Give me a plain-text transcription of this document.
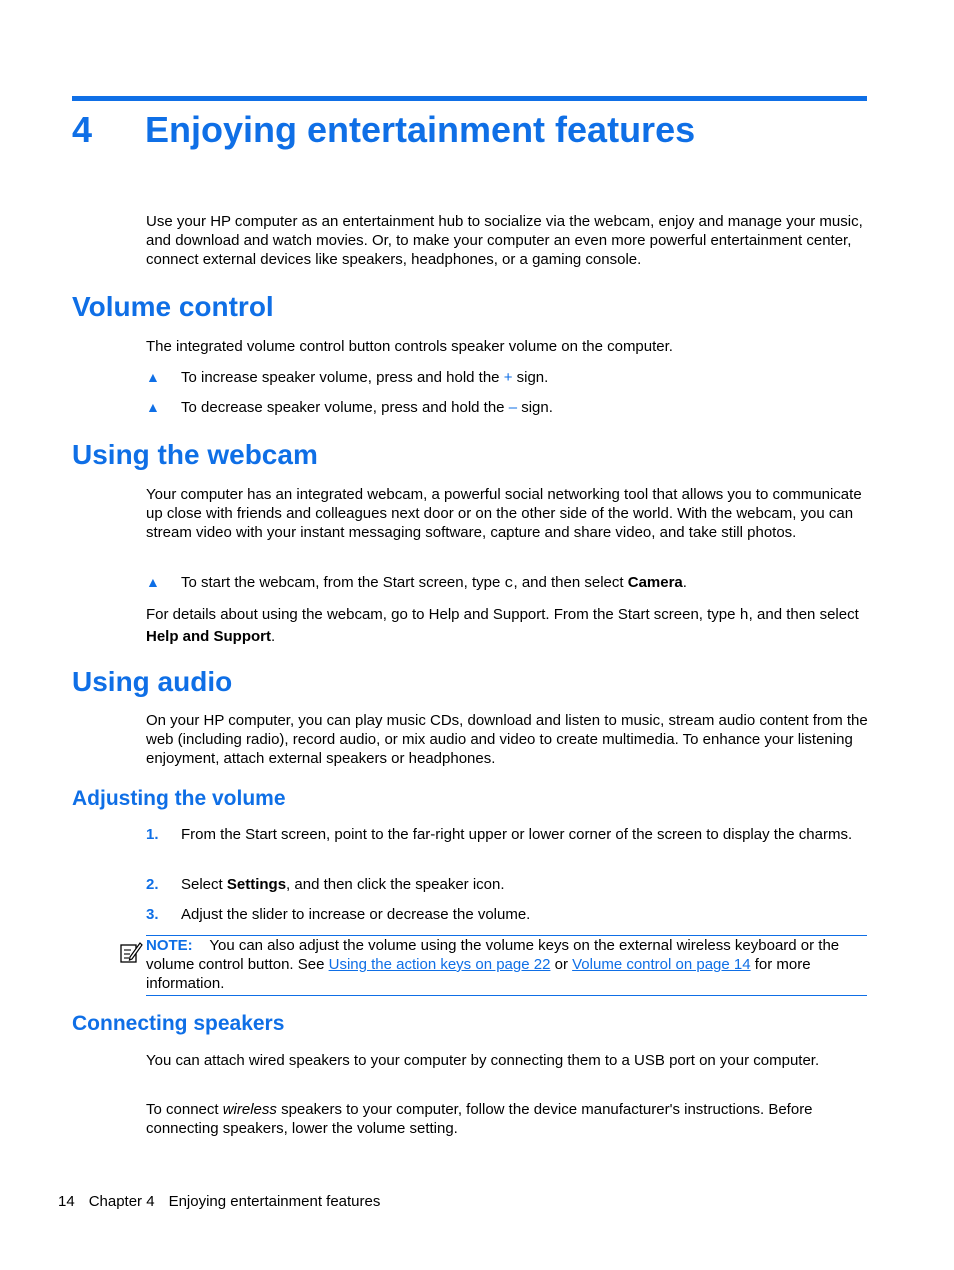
4 Enjoying entertainment features
Use your HP computer as an entertainment hub to socialize via the webcam, enjoy and manage your music, and download and watch movies. Or, to make your computer an even more powerful entertainment center, connect external devices like speakers, headphones, or a gaming console.
Volume control
The integrated volume control button controls speaker volume on the computer.
▲ To increase speaker volume, press and hold the + sign.
▲ To decrease speaker volume, press and hold the – sign.
Using the webcam
Your computer has an integrated webcam, a powerful social networking tool that allows you to communicate up close with friends and colleagues next door or on the other side of the world. With the webcam, you can stream video with your instant messaging software, capture and share video, and take still photos.
▲ To start the webcam, from the Start screen, type c, and then select Camera.
For details about using the webcam, go to Help and Support. From the Start screen, type h, and then select Help and Support.
Using audio
On your HP computer, you can play music CDs, download and listen to music, stream audio content from the web (including radio), record audio, or mix audio and video to create multimedia. To enhance your listening enjoyment, attach external speakers or headphones.
Adjusting the volume
1. From the Start screen, point to the far-right upper or lower corner of the screen to display the charms.
2. Select Settings, and then click the speaker icon.
3. Adjust the slider to increase or decrease the volume.
NOTE: You can also adjust the volume using the volume keys on the external wireless keyboard or the volume control button. See Using the action keys on page 22 or Volume control on page 14 for more information.
Connecting speakers
You can attach wired speakers to your computer by connecting them to a USB port on your computer.
To connect wireless speakers to your computer, follow the device manufacturer's instructions. Before connecting speakers, lower the volume setting.
14 Chapter 4 Enjoying entertainment features
